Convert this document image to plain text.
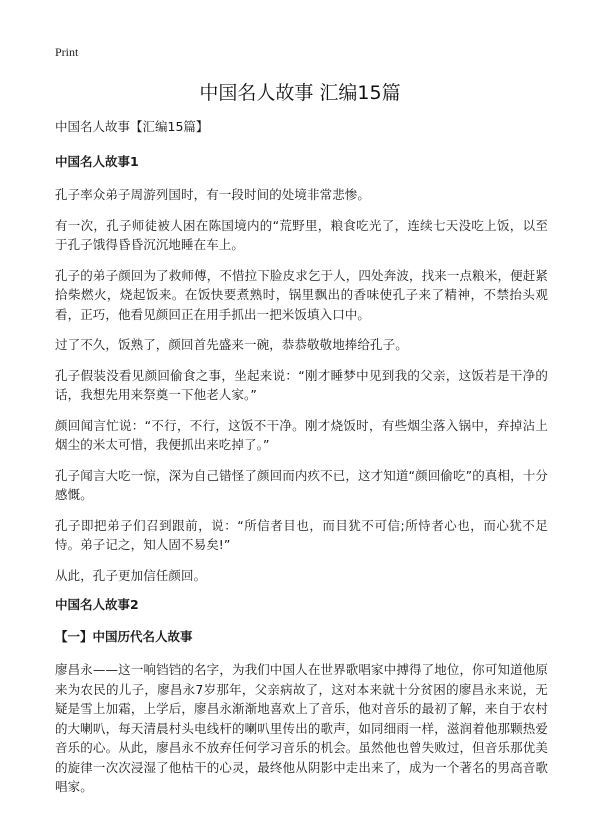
Print
中国名人故事 汇编15篇

中国名人故事【汇编15篇】

中国名人故事1

孔子率众弟子周游列国时，有一段时间的处境非常悲惨。

有一次，孔子师徒被人困在陈国境内的“荒野里，粮食吃光了，连续七天没吃上饭，以至于孔子饿得昏昏沉沉地睡在车上。

孔子的弟子颜回为了救师傅，不惜拉下脸皮求乞于人，四处奔波，找来一点粮米，便赶紧拾柴燃火，烧起饭来。在饭快要煮熟时，锅里飘出的香味使孔子来了精神，不禁抬头观看，正巧，他看见颜回正在用手抓出一把米饭填入口中。

过了不久，饭熟了，颜回首先盛来一碗，恭恭敬敬地捧给孔子。

孔子假装没看见颜回偷食之事，坐起来说：“刚才睡梦中见到我的父亲，这饭若是干净的话，我想先用来祭奠一下他老人家。”

颜回闻言忙说：“不行，不行，这饭不干净。刚才烧饭时，有些烟尘落入锅中，弃掉沾上烟尘的米太可惜，我便抓出来吃掉了。”

孔子闻言大吃一惊，深为自己错怪了颜回而内疚不已，这才知道“颜回偷吃”的真相，十分感慨。

孔子即把弟子们召到跟前，说：“所信者目也，而目犹不可信;所恃者心也，而心犹不足恃。弟子记之，知人固不易矣!”

从此，孔子更加信任颜回。

中国名人故事2

【一】中国历代名人故事

廖昌永——这一响铛铛的名字，为我们中国人在世界歌唱家中搏得了地位，你可知道他原来为农民的儿子，廖昌永7岁那年，父亲病故了，这对本来就十分贫困的廖昌永来说，无疑是雪上加霜，上学后，廖昌永渐渐地喜欢上了音乐，他对音乐的最初了解，来自于农村的大喇叭，每天清晨村头电线杆的喇叭里传出的歌声，如同细雨一样，滋润着他那颗热爱音乐的心。从此，廖昌永不放弃任何学习音乐的机会。虽然他也曾失败过，但音乐那优美的旋律一次次浸湿了他枯干的心灵，最终他从阴影中走出来了，成为一个著名的男高音歌唱家。
